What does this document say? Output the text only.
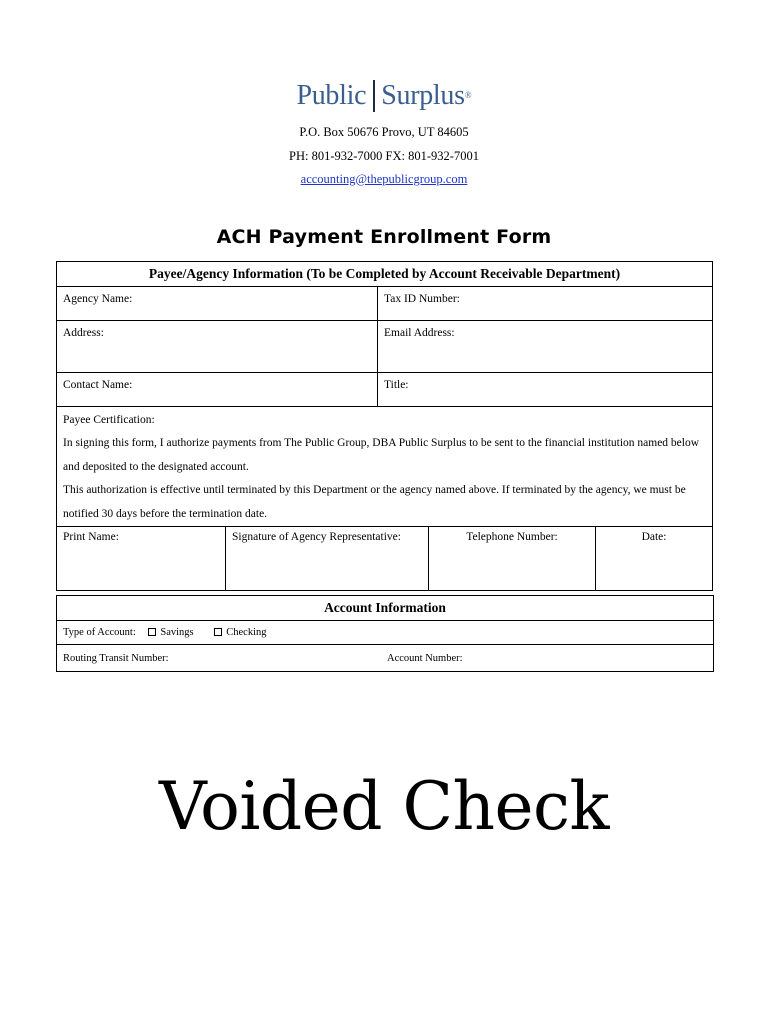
Public Surplus®
P.O. Box 50676 Provo, UT 84605
PH: 801-932-7000 FX: 801-932-7001
accounting@thepublicgroup.com
ACH Payment Enrollment Form
Payee/Agency Information (To be Completed by Account Receivable Department)				
Agency Name:		Tax ID Number:		
Address:		Email Address:		
Contact Name:		Title:		

Payee Certification:

In signing this form, I authorize payments from The Public Group, DBA Public Surplus to be sent to the financial institution named below and deposited to the designated account.

This authorization is effective until terminated by this Department or the agency named above. If terminated by the agency, we must be notified 30 days before the termination date.				

Print Name:	Signature of Agency Representative:		Telephone Number:	Date:
Account Information
Type of Account: Savings	Checking
Routing Transit Number:	Account Number:
Voided Check
